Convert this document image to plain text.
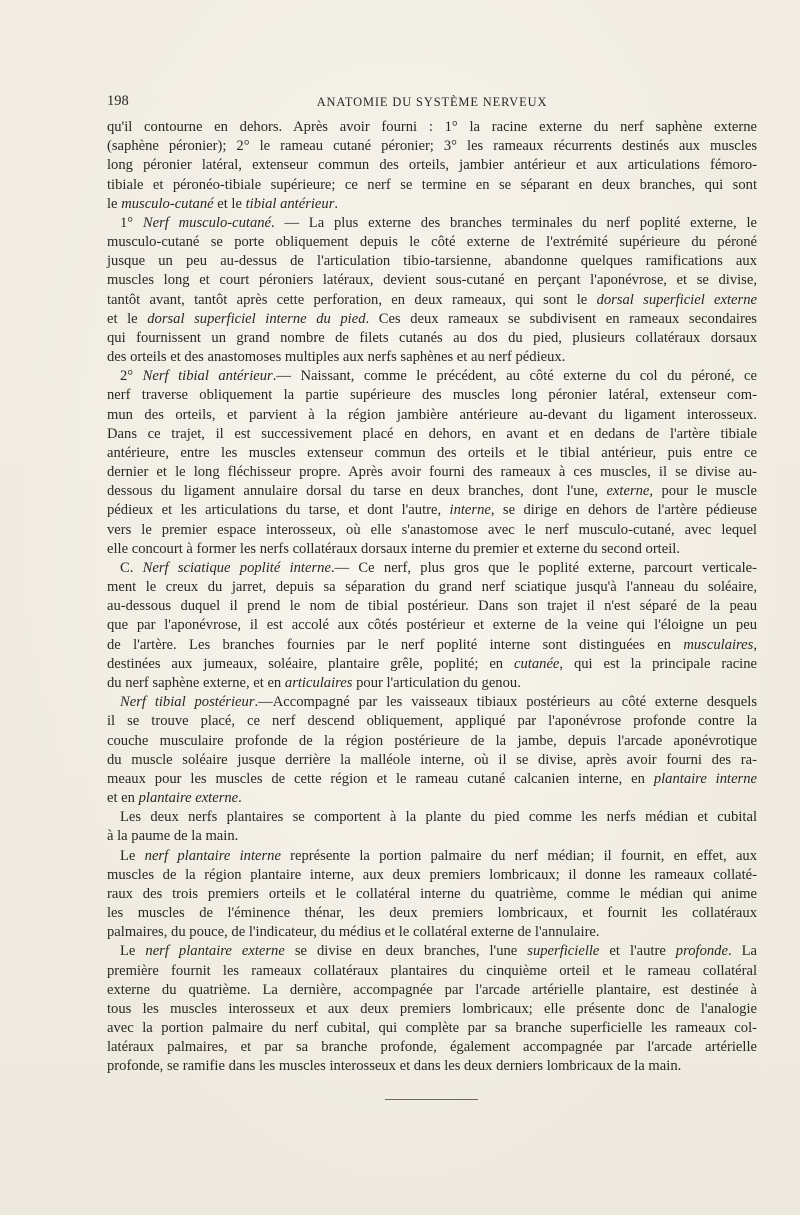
198	ANATOMIE DU SYSTÈME NERVEUX
qu'il contourne en dehors. Après avoir fourni : 1° la racine externe du nerf saphène externe
(saphène péronier); 2° le rameau cutané péronier; 3° les rameaux récurrents destinés aux muscles
long péronier latéral, extenseur commun des orteils, jambier antérieur et aux articulations fémoro-
tibiale et péronéo-tibiale supérieure; ce nerf se termine en se séparant en deux branches, qui sont
le musculo-cutané et le tibial antérieur.
1° Nerf musculo-cutané. — La plus externe des branches terminales du nerf poplité externe, le
musculo-cutané se porte obliquement depuis le côté externe de l'extrémité supérieure du péroné
jusque un peu au-dessus de l'articulation tibio-tarsienne, abandonne quelques ramifications aux
muscles long et court péroniers latéraux, devient sous-cutané en perçant l'aponévrose, et se divise,
tantôt avant, tantôt après cette perforation, en deux rameaux, qui sont le dorsal superficiel externe
et le dorsal superficiel interne du pied. Ces deux rameaux se subdivisent en rameaux secondaires
qui fournissent un grand nombre de filets cutanés au dos du pied, plusieurs collatéraux dorsaux
des orteils et des anastomoses multiples aux nerfs saphènes et au nerf pédieux.
2° Nerf tibial antérieur.— Naissant, comme le précédent, au côté externe du col du péroné, ce
nerf traverse obliquement la partie supérieure des muscles long péronier latéral, extenseur com-
mun des orteils, et parvient à la région jambière antérieure au-devant du ligament interosseux.
Dans ce trajet, il est successivement placé en dehors, en avant et en dedans de l'artère tibiale
antérieure, entre les muscles extenseur commun des orteils et le tibial antérieur, puis entre ce
dernier et le long fléchisseur propre. Après avoir fourni des rameaux à ces muscles, il se divise au-
dessous du ligament annulaire dorsal du tarse en deux branches, dont l'une, externe, pour le muscle
pédieux et les articulations du tarse, et dont l'autre, interne, se dirige en dehors de l'artère pédieuse
vers le premier espace interosseux, où elle s'anastomose avec le nerf musculo-cutané, avec lequel
elle concourt à former les nerfs collatéraux dorsaux interne du premier et externe du second orteil.
C. Nerf sciatique poplité interne.— Ce nerf, plus gros que le poplité externe, parcourt verticale-
ment le creux du jarret, depuis sa séparation du grand nerf sciatique jusqu'à l'anneau du soléaire,
au-dessous duquel il prend le nom de tibial postérieur. Dans son trajet il n'est séparé de la peau
que par l'aponévrose, il est accolé aux côtés postérieur et externe de la veine qui l'éloigne un peu
de l'artère. Les branches fournies par le nerf poplité interne sont distinguées en musculaires,
destinées aux jumeaux, soléaire, plantaire grêle, poplité; en cutanée, qui est la principale racine
du nerf saphène externe, et en articulaires pour l'articulation du genou.
Nerf tibial postérieur.—Accompagné par les vaisseaux tibiaux postérieurs au côté externe desquels
il se trouve placé, ce nerf descend obliquement, appliqué par l'aponévrose profonde contre la
couche musculaire profonde de la région postérieure de la jambe, depuis l'arcade aponévrotique
du muscle soléaire jusque derrière la malléole interne, où il se divise, après avoir fourni des ra-
meaux pour les muscles de cette région et le rameau cutané calcanien interne, en plantaire interne
et en plantaire externe.
Les deux nerfs plantaires se comportent à la plante du pied comme les nerfs médian et cubital
à la paume de la main.
Le nerf plantaire interne représente la portion palmaire du nerf médian; il fournit, en effet, aux
muscles de la région plantaire interne, aux deux premiers lombricaux; il donne les rameaux collaté-
raux des trois premiers orteils et le collatéral interne du quatrième, comme le médian qui anime
les muscles de l'éminence thénar, les deux premiers lombricaux, et fournit les collatéraux
palmaires, du pouce, de l'indicateur, du médius et le collatéral externe de l'annulaire.
Le nerf plantaire externe se divise en deux branches, l'une superficielle et l'autre profonde. La
première fournit les rameaux collatéraux plantaires du cinquième orteil et le rameau collatéral
externe du quatrième. La dernière, accompagnée par l'arcade artérielle plantaire, est destinée à
tous les muscles interosseux et aux deux premiers lombricaux; elle présente donc de l'analogie
avec la portion palmaire du nerf cubital, qui complète par sa branche superficielle les rameaux col-
latéraux palmaires, et par sa branche profonde, également accompagnée par l'arcade artérielle
profonde, se ramifie dans les muscles interosseux et dans les deux derniers lombricaux de la main.
